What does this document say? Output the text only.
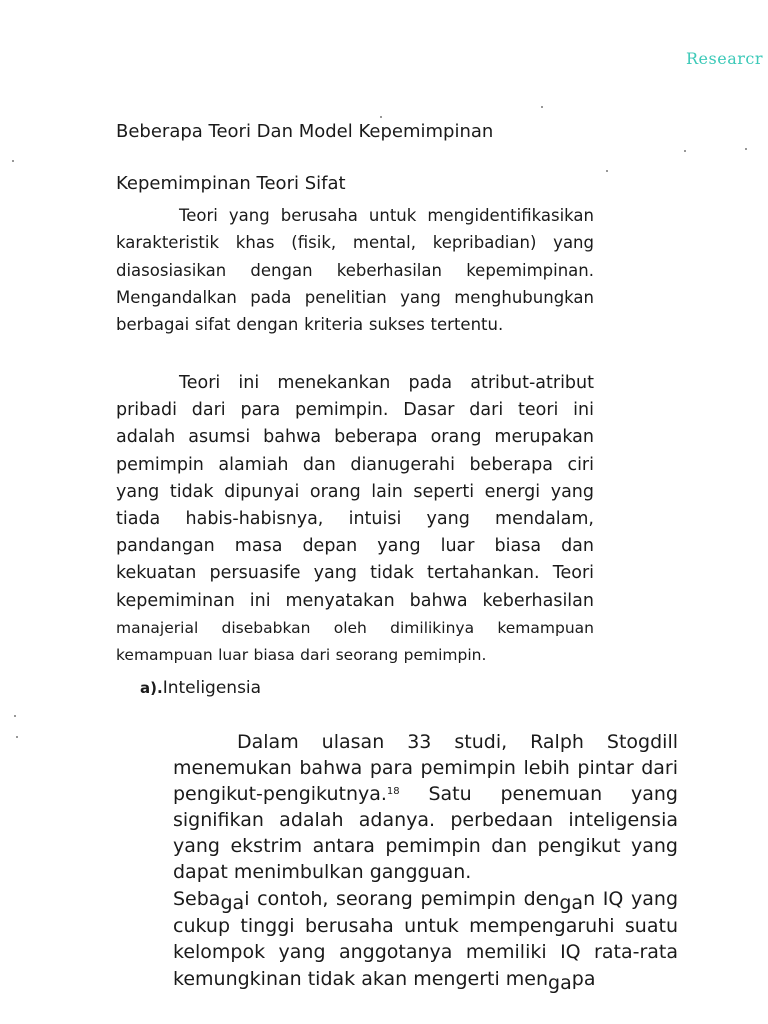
Researcr
Beberapa Teori Dan Model Kepemimpinan
Kepemimpinan Teori Sifat

Teori yang berusaha untuk mengidentifikasikan karakteristik khas (fisik, mental, kepribadian) yang diasosiasikan dengan keberhasilan kepemimpinan. Mengandalkan pada penelitian yang menghubungkan berbagai sifat dengan kriteria sukses tertentu.

Teori ini menekankan pada atribut-atribut pribadi dari para pemimpin. Dasar dari teori ini adalah asumsi bahwa beberapa orang merupakan pemimpin alamiah dan dianugerahi beberapa ciri yang tidak dipunyai orang lain seperti energi yang tiada habis-habisnya, intuisi yang mendalam, pandangan masa depan yang luar biasa dan kekuatan persuasife yang tidak tertahankan. Teori kepemiminan ini menyatakan bahwa keberhasilan manajerial disebabkan oleh dimilikinya kemampuan kemampuan luar biasa dari seorang pemimpin.

a).Inteligensia

Dalam ulasan 33 studi, Ralph Stogdill menemukan bahwa para pemimpin lebih pintar dari pengikut-pengikutnya.$^{18}$ Satu penemuan yang signifikan adalah adanya. perbedaan inteligensia yang ekstrim antara pemimpin dan pengikut yang dapat menimbulkan gangguan.

Sebagai contoh, seorang pemimpin dengan IQ yang cukup tinggi berusaha untuk mempengaruhi suatu kelompok yang anggotanya memiliki IQ rata-rata kemungkinan tidak akan mengerti mengapa
